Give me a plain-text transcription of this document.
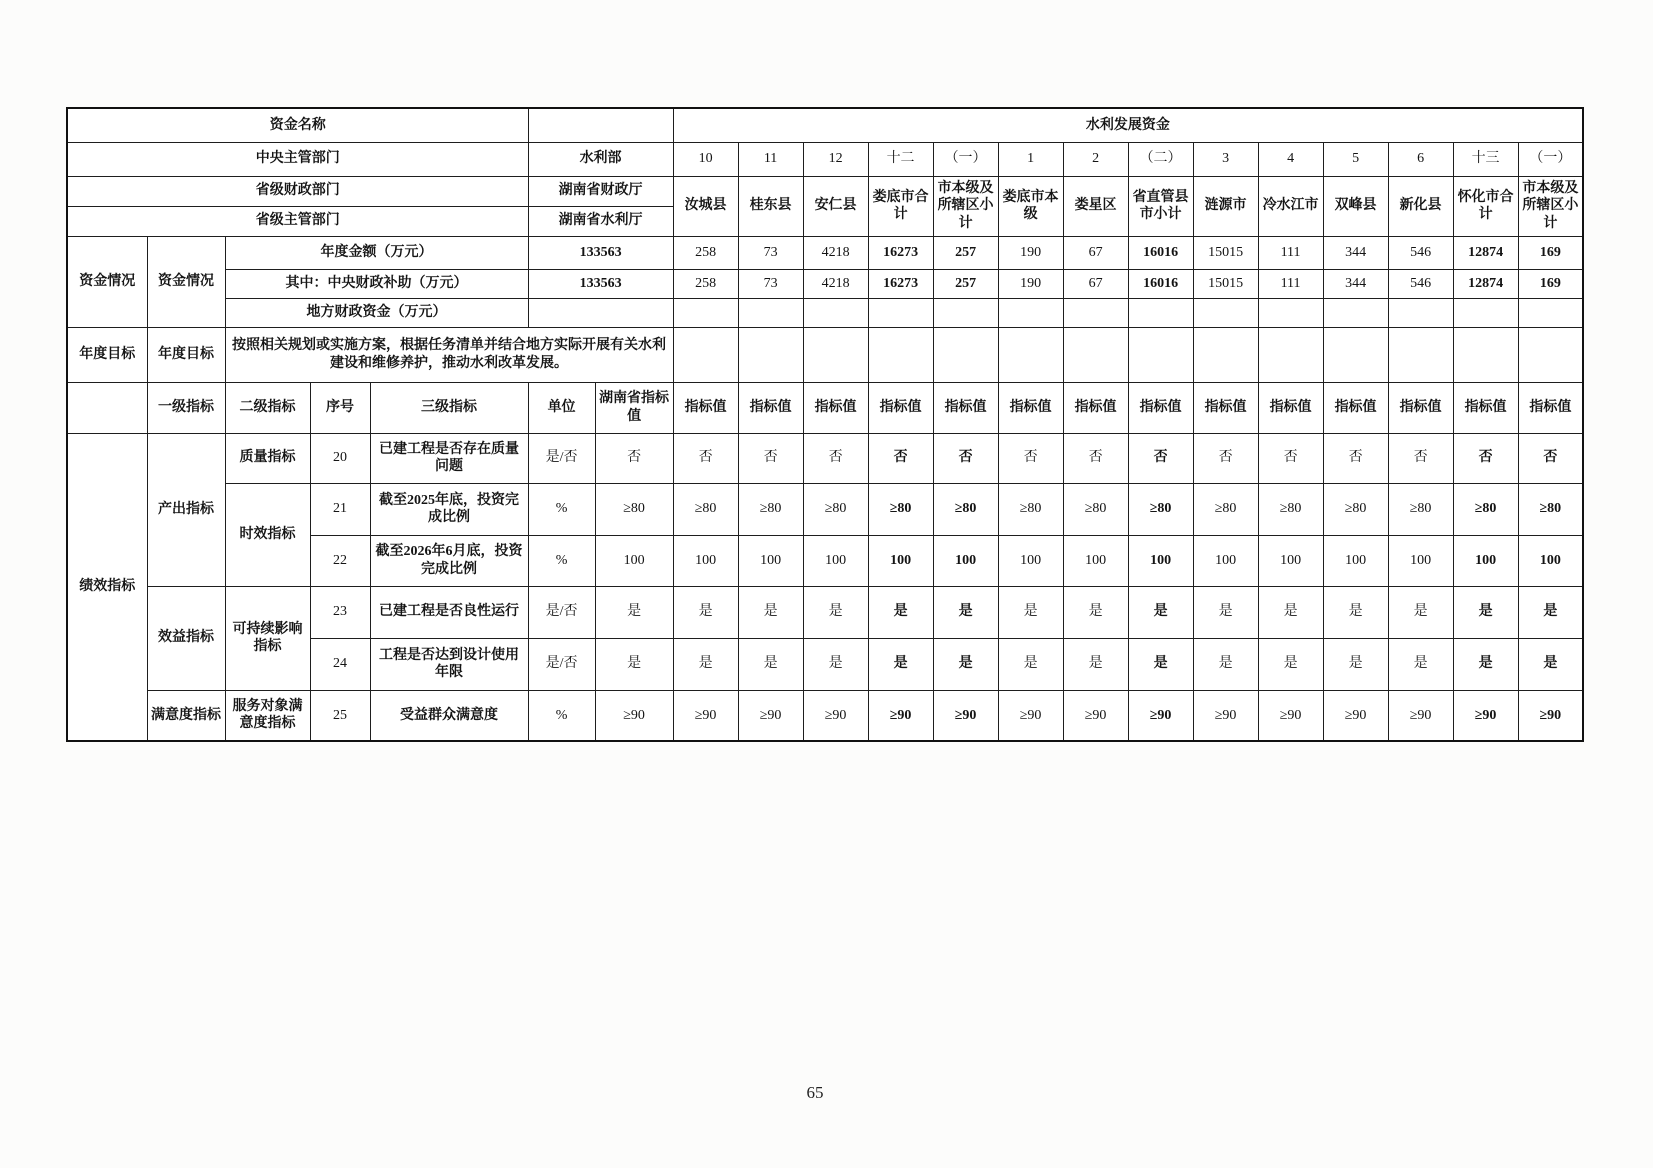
资金名称							水利发展资金													
中央主管部门					水利部		10	11	12	十二	（一）	1	2	（二）	3	4	5	6	十三	（一）
省级财政部门					湖南省财政厅		汝城县	桂东县	安仁县	娄底市合计	市本级及所辖区小计	娄底市本级	娄星区	省直管县市小计	涟源市	冷水江市	双峰县	新化县	怀化市合计	市本级及所辖区小计
省级主管部门					湖南省水利厅															
资金情况	资金情况	年度金额（万元）			133563		258	73	4218	16273	257	190	67	16016	15015	111	344	546	12874	169
		其中：中央财政补助（万元）			133563		258	73	4218	16273	257	190	67	16016	15015	111	344	546	12874	169
		地方财政资金（万元）																		
年度目标	年度目标	按照相关规划或实施方案，根据任务清单并结合地方实际开展有关水利建设和维修养护，推动水利改革发展。																		
	一级指标	二级指标	序号	三级指标	单位	湖南省指标值	指标值	指标值	指标值	指标值	指标值	指标值	指标值	指标值	指标值	指标值	指标值	指标值	指标值	指标值
绩效指标	产出指标	质量指标	20	已建工程是否存在质量问题	是/否	否	否	否	否	否	否	否	否	否	否	否	否	否	否	否
		时效指标	21	截至2025年底，投资完成比例	%	≥80	≥80	≥80	≥80	≥80	≥80	≥80	≥80	≥80	≥80	≥80	≥80	≥80	≥80	≥80
			22	截至2026年6月底，投资完成比例	%	100	100	100	100	100	100	100	100	100	100	100	100	100	100	100
	效益指标	可持续影响指标	23	已建工程是否良性运行	是/否	是	是	是	是	是	是	是	是	是	是	是	是	是	是	是
			24	工程是否达到设计使用年限	是/否	是	是	是	是	是	是	是	是	是	是	是	是	是	是	是
	满意度指标	服务对象满意度指标	25	受益群众满意度	%	≥90	≥90	≥90	≥90	≥90	≥90	≥90	≥90	≥90	≥90	≥90	≥90	≥90	≥90	≥90
65
